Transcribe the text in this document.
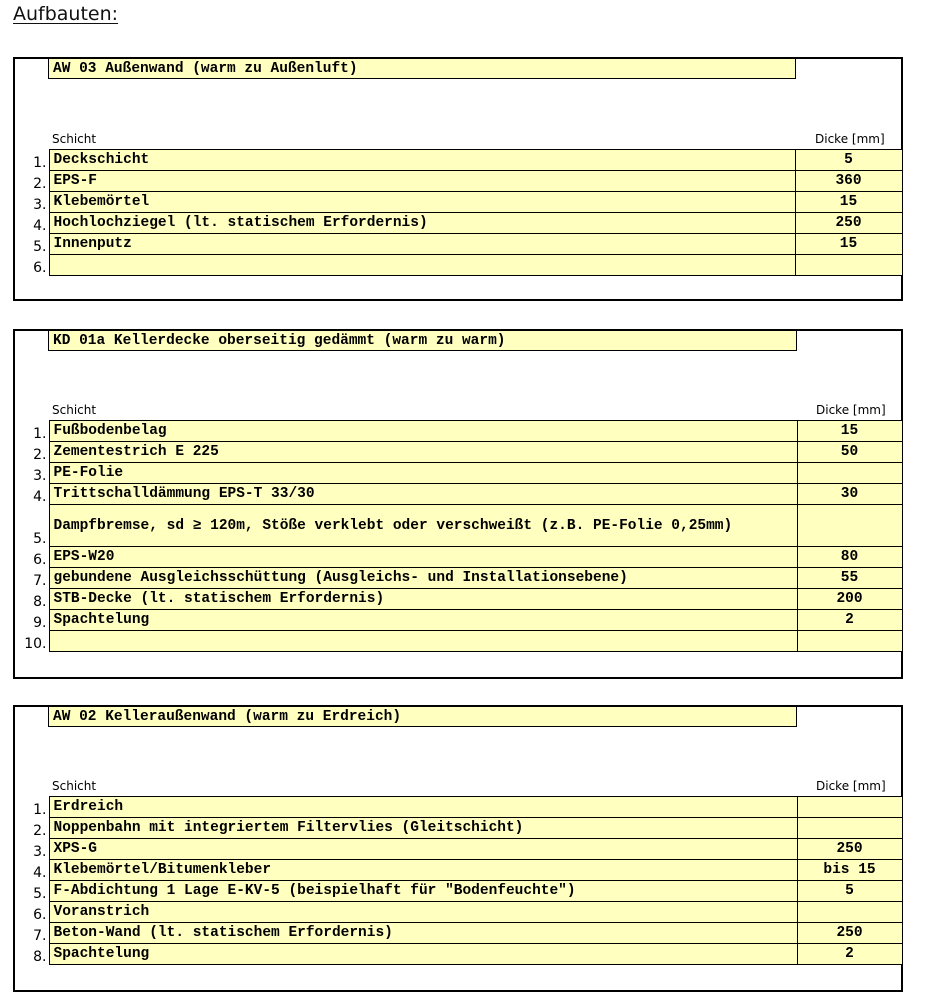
Aufbauten:
AW 03 Außenwand (warm zu Außenluft)
Schicht	Dicke [mm]
1.	Deckschicht	5
2.	EPS-F	360
3.	Klebemörtel	15
4.	Hochlochziegel (lt. statischem Erfordernis)	250
5.	Innenputz	15
6.		
KD 01a Kellerdecke oberseitig gedämmt (warm zu warm)
Schicht	Dicke [mm]
1.	Fußbodenbelag	15
2.	Zementestrich E 225	50
3.	PE-Folie	
4.	Trittschalldämmung EPS-T 33/30	30
5.	Dampfbremse, sd ≥ 120m, Stöße verklebt oder verschweißt (z.B. PE-Folie 0,25mm)	
6.	EPS-W20	80
7.	gebundene Ausgleichsschüttung (Ausgleichs- und Installationsebene)	55
8.	STB-Decke (lt. statischem Erfordernis)	200
9.	Spachtelung	2
10.		
AW 02 Kelleraußenwand (warm zu Erdreich)
Schicht	Dicke [mm]
1.	Erdreich	
2.	Noppenbahn mit integriertem Filtervlies (Gleitschicht)	
3.	XPS-G	250
4.	Klebemörtel/Bitumenkleber	bis 15
5.	F-Abdichtung 1 Lage E-KV-5 (beispielhaft für "Bodenfeuchte")	5
6.	Voranstrich	
7.	Beton-Wand (lt. statischem Erfordernis)	250
8.	Spachtelung	2
